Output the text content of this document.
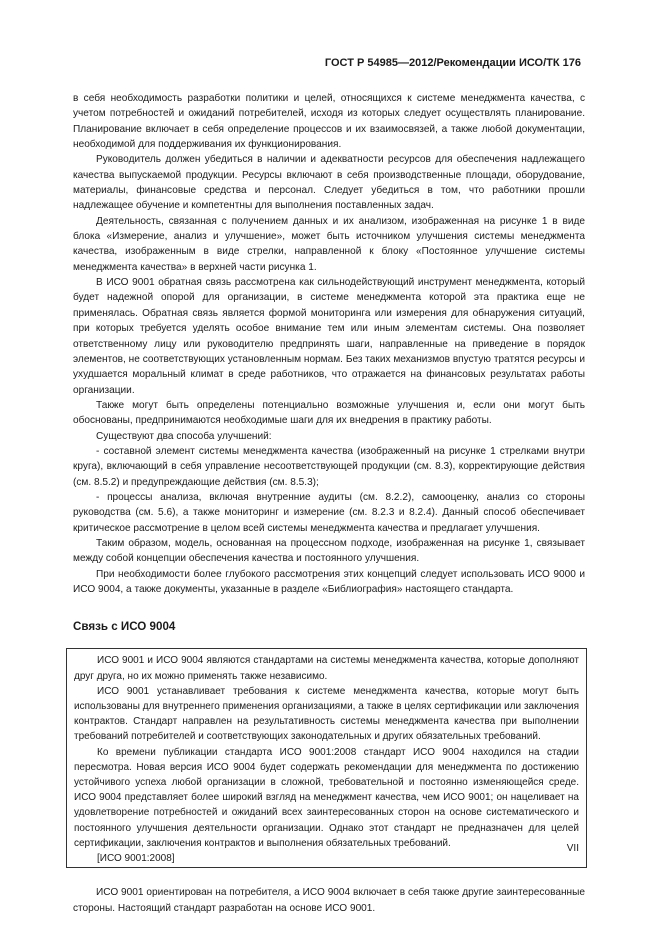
ГОСТ Р 54985—2012/Рекомендации ИСО/ТК 176

в себя необходимость разработки политики и целей, относящихся к системе менеджмента качества, с учетом потребностей и ожиданий потребителей, исходя из которых следует осуществлять планирование. Планирование включает в себя определение процессов и их взаимосвязей, а также любой документации, необходимой для поддерживания их функционирования.

Руководитель должен убедиться в наличии и адекватности ресурсов для обеспечения надлежащего качества выпускаемой продукции. Ресурсы включают в себя производственные площади, оборудование, материалы, финансовые средства и персонал. Следует убедиться в том, что работники прошли надлежащее обучение и компетентны для выполнения поставленных задач.

Деятельность, связанная с получением данных и их анализом, изображенная на рисунке 1 в виде блока «Измерение, анализ и улучшение», может быть источником улучшения системы менеджмента качества, изображенным в виде стрелки, направленной к блоку «Постоянное улучшение системы менеджмента качества» в верхней части рисунка 1.

В ИСО 9001 обратная связь рассмотрена как сильнодействующий инструмент менеджмента, который будет надежной опорой для организации, в системе менеджмента которой эта практика еще не применялась. Обратная связь является формой мониторинга или измерения для обнаружения ситуаций, при которых требуется уделять особое внимание тем или иным элементам системы. Она позволяет ответственному лицу или руководителю предпринять шаги, направленные на приведение в порядок элементов, не соответствующих установленным нормам. Без таких механизмов впустую тратятся ресурсы и ухудшается моральный климат в среде работников, что отражается на финансовых результатах работы организации.

Также могут быть определены потенциально возможные улучшения и, если они могут быть обоснованы, предпринимаются необходимые шаги для их внедрения в практику работы.

Существуют два способа улучшений:

- составной элемент системы менеджмента качества (изображенный на рисунке 1 стрелками внутри круга), включающий в себя управление несоответствующей продукции (см. 8.3), корректирующие действия (см. 8.5.2) и предупреждающие действия (см. 8.5.3);

- процессы анализа, включая внутренние аудиты (см. 8.2.2), самооценку, анализ со стороны руководства (см. 5.6), а также мониторинг и измерение (см. 8.2.3 и 8.2.4). Данный способ обеспечивает критическое рассмотрение в целом всей системы менеджмента качества и предлагает улучшения.

Таким образом, модель, основанная на процессном подходе, изображенная на рисунке 1, связывает между собой концепции обеспечения качества и постоянного улучшения.

При необходимости более глубокого рассмотрения этих концепций следует использовать ИСО 9000 и ИСО 9004, а также документы, указанные в разделе «Библиография» настоящего стандарта.

Связь с ИСО 9004

ИСО 9001 и ИСО 9004 являются стандартами на системы менеджмента качества, которые дополняют друг друга, но их можно применять также независимо.

ИСО 9001 устанавливает требования к системе менеджмента качества, которые могут быть использованы для внутреннего применения организациями, а также в целях сертификации или заключения контрактов. Стандарт направлен на результативность системы менеджмента качества при выполнении требований потребителей и соответствующих законодательных и других обязательных требований.

Ко времени публикации стандарта ИСО 9001:2008 стандарт ИСО 9004 находился на стадии пересмотра. Новая версия ИСО 9004 будет содержать рекомендации для менеджмента по достижению устойчивого успеха любой организации в сложной, требовательной и постоянно изменяющейся среде. ИСО 9004 представляет более широкий взгляд на менеджмент качества, чем ИСО 9001; он нацеливает на удовлетворение потребностей и ожиданий всех заинтересованных сторон на основе систематического и постоянного улучшения деятельности организации. Однако этот стандарт не предназначен для целей сертификации, заключения контрактов и выполнения обязательных требований.

[ИСО 9001:2008]

ИСО 9001 ориентирован на потребителя, а ИСО 9004 включает в себя также другие заинтересованные стороны. Настоящий стандарт разработан на основе ИСО 9001.

VII
